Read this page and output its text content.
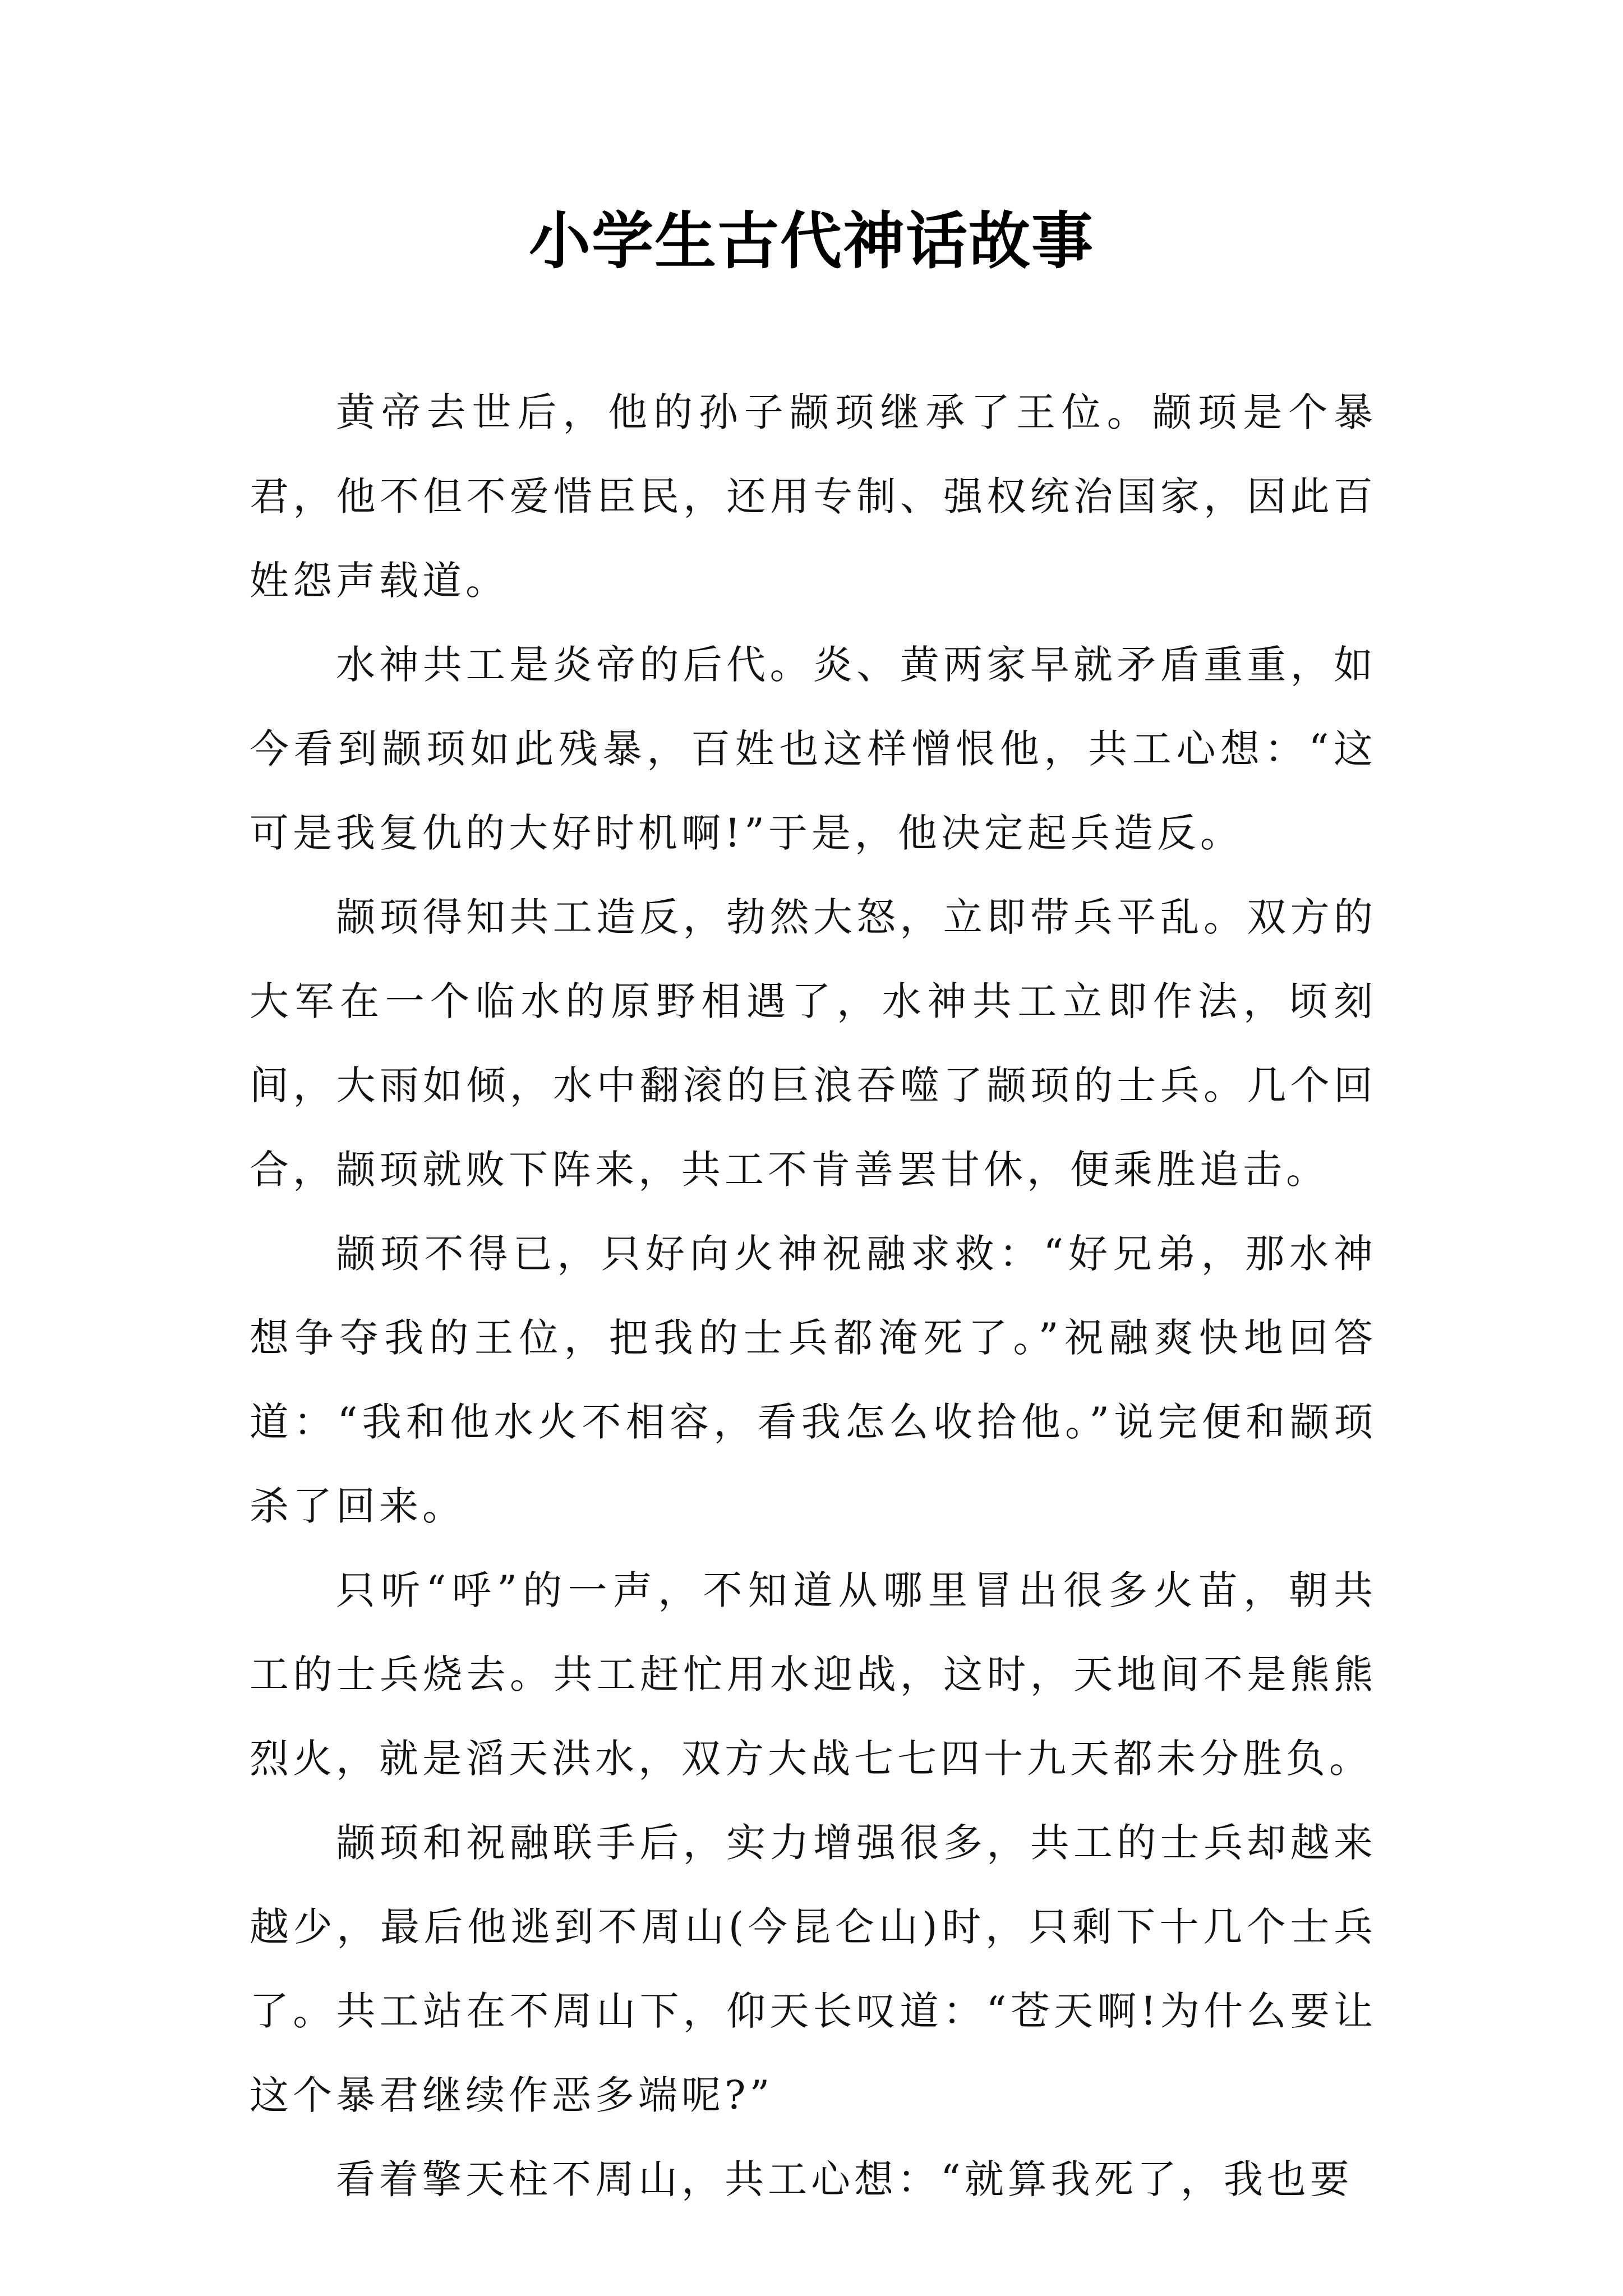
小学生古代神话故事

黄帝去世后，他的孙子颛顼继承了王位。颛顼是个暴君，他不但不爱惜臣民，还用专制、强权统治国家，因此百姓怨声载道。

水神共工是炎帝的后代。炎、黄两家早就矛盾重重，如今看到颛顼如此残暴，百姓也这样憎恨他，共工心想：“这可是我复仇的大好时机啊!”于是，他决定起兵造反。

颛顼得知共工造反，勃然大怒，立即带兵平乱。双方的大军在一个临水的原野相遇了，水神共工立即作法，顷刻间，大雨如倾，水中翻滚的巨浪吞噬了颛顼的士兵。几个回合，颛顼就败下阵来，共工不肯善罢甘休，便乘胜追击。

颛顼不得已，只好向火神祝融求救：“好兄弟，那水神想争夺我的王位，把我的士兵都淹死了。”祝融爽快地回答道：“我和他水火不相容，看我怎么收拾他。”说完便和颛顼杀了回来。

只听“呼”的一声，不知道从哪里冒出很多火苗，朝共工的士兵烧去。共工赶忙用水迎战，这时，天地间不是熊熊烈火，就是滔天洪水，双方大战七七四十九天都未分胜负。

颛顼和祝融联手后，实力增强很多，共工的士兵却越来越少，最后他逃到不周山(今昆仑山)时，只剩下十几个士兵了。共工站在不周山下，仰天长叹道：“苍天啊!为什么要让这个暴君继续作恶多端呢?”

看着擎天柱不周山，共工心想：“就算我死了，我也要
